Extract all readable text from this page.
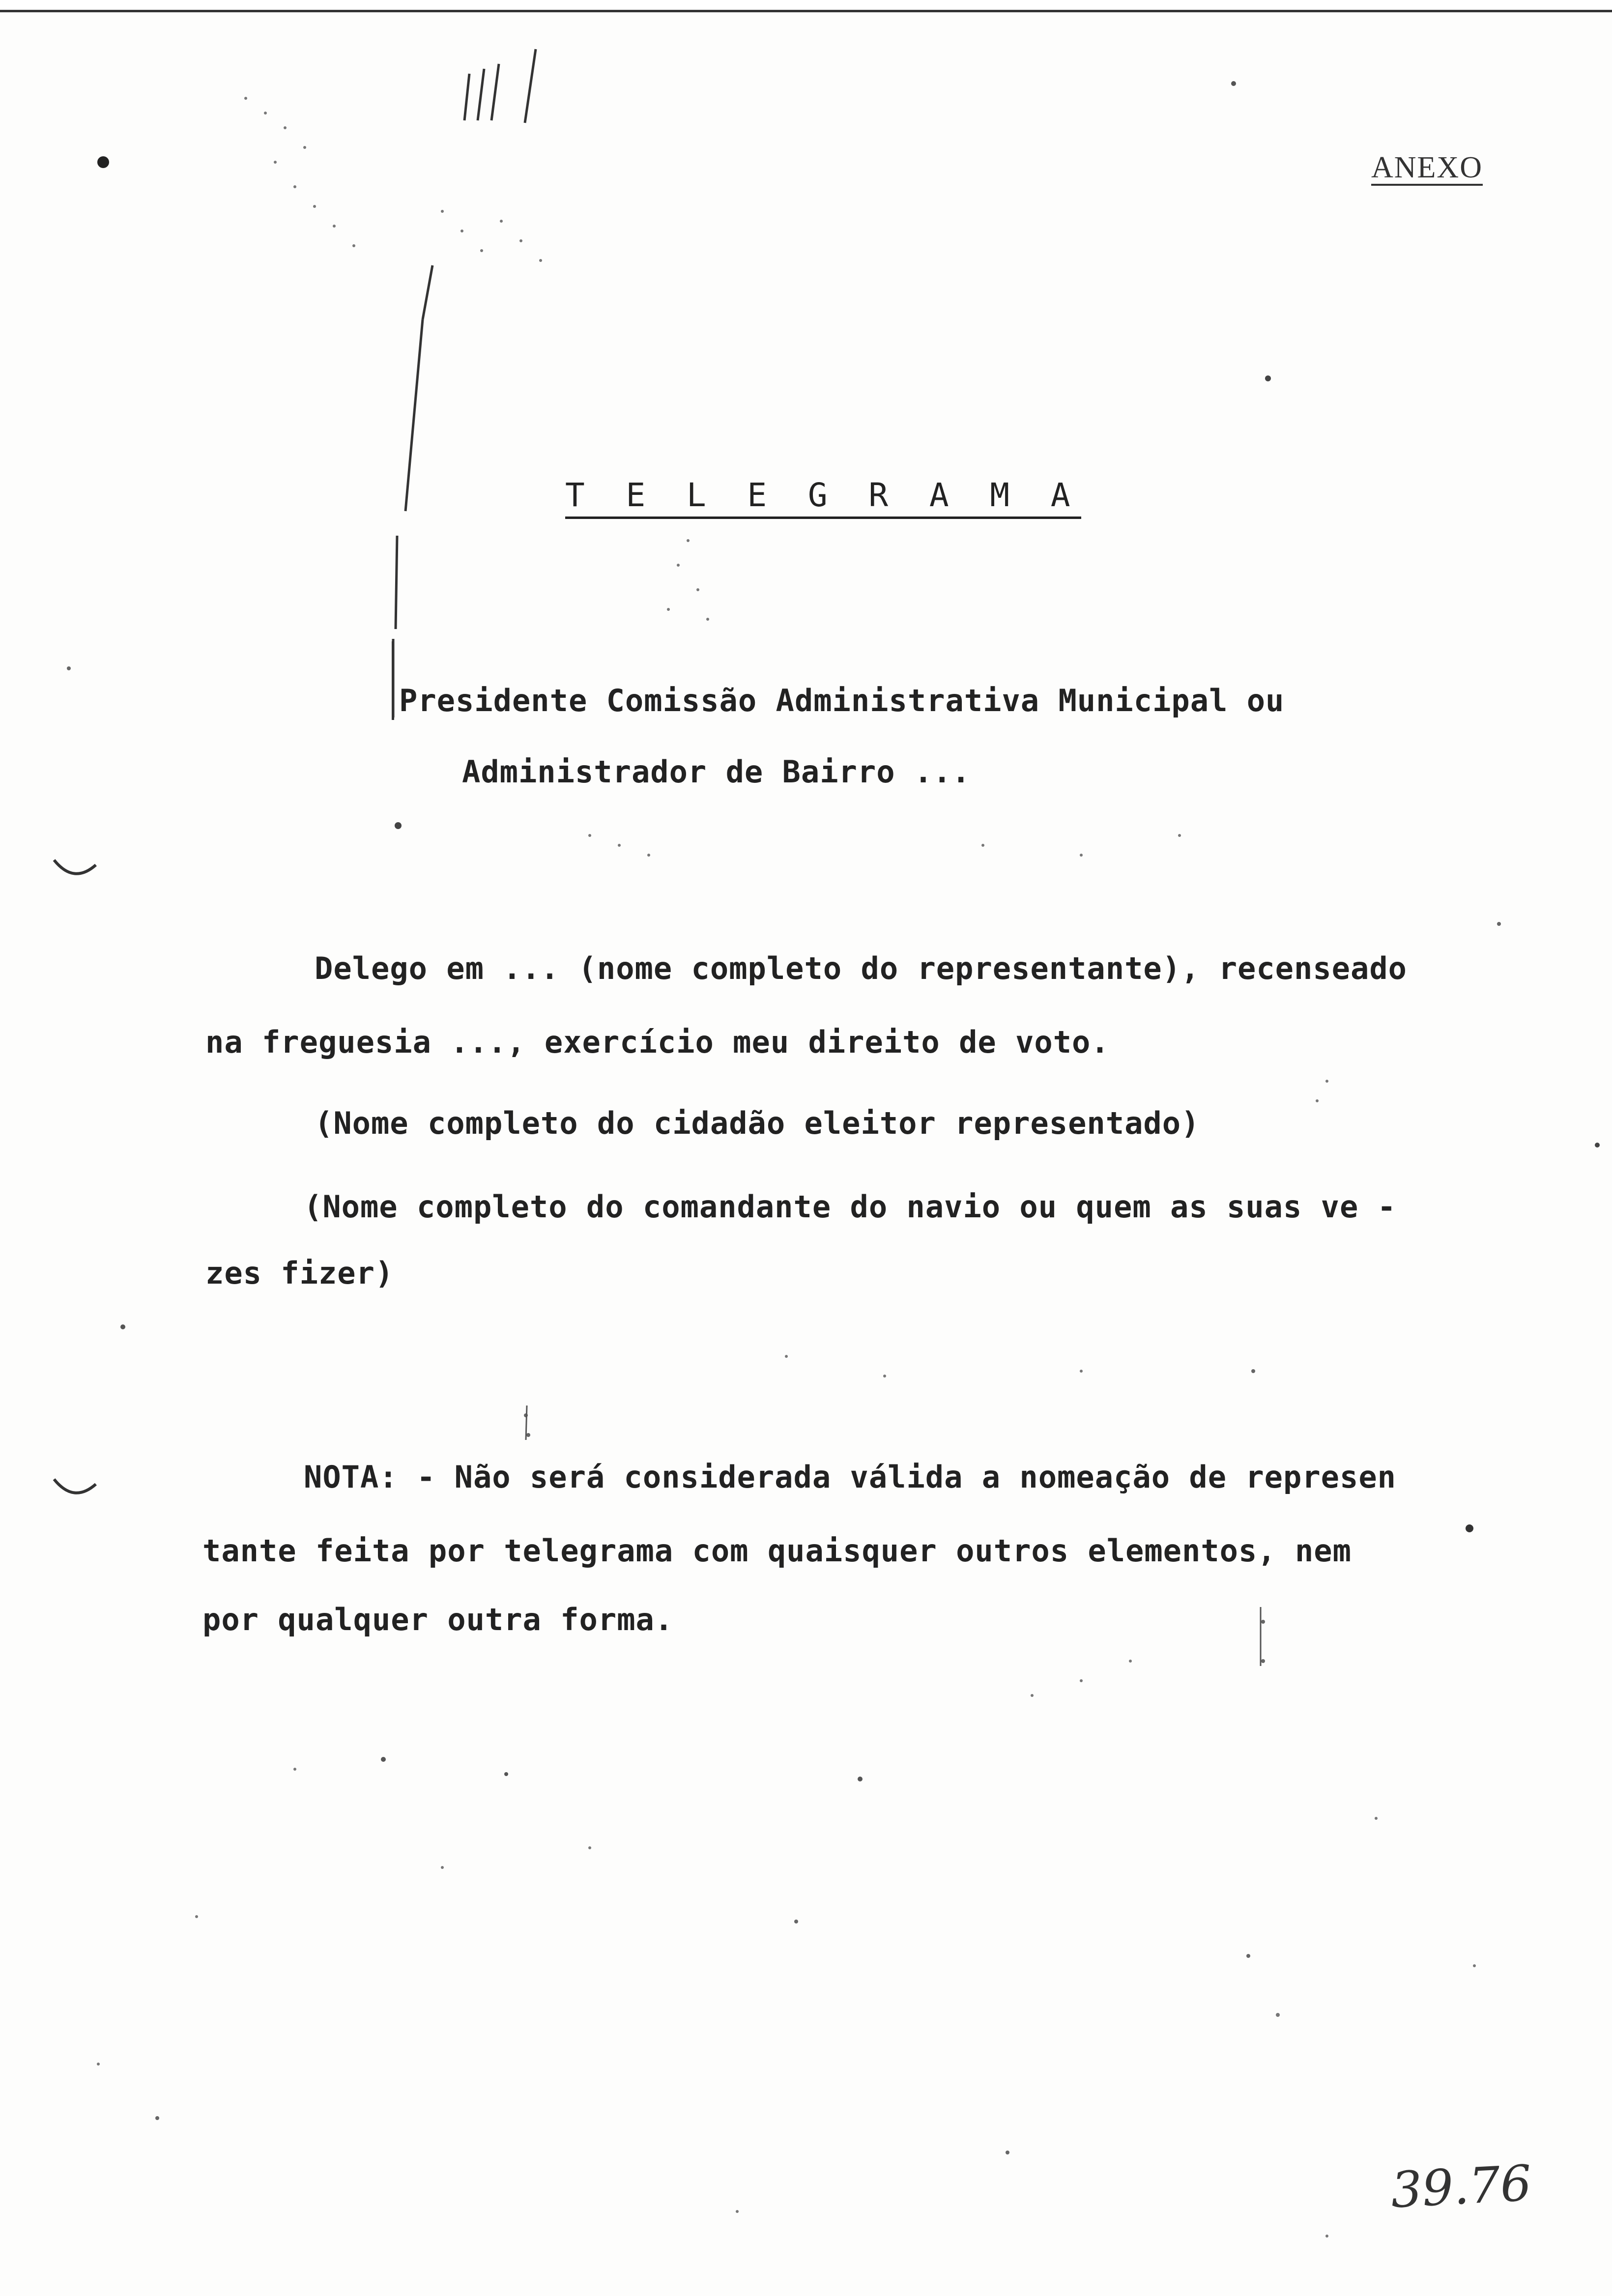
ANEXO
T E L E G R A M A
Presidente Comissão Administrativa Municipal ou
Administrador de Bairro ...
Delego em ... (nome completo do representante), recenseado
na freguesia ..., exercício meu direito de voto.
(Nome completo do cidadão eleitor representado)
(Nome completo do comandante do navio ou quem as suas ve -
zes fizer)
NOTA: - Não será considerada válida a nomeação de represen
tante feita por telegrama com quaisquer outros elementos, nem
por qualquer outra forma.
39.76
